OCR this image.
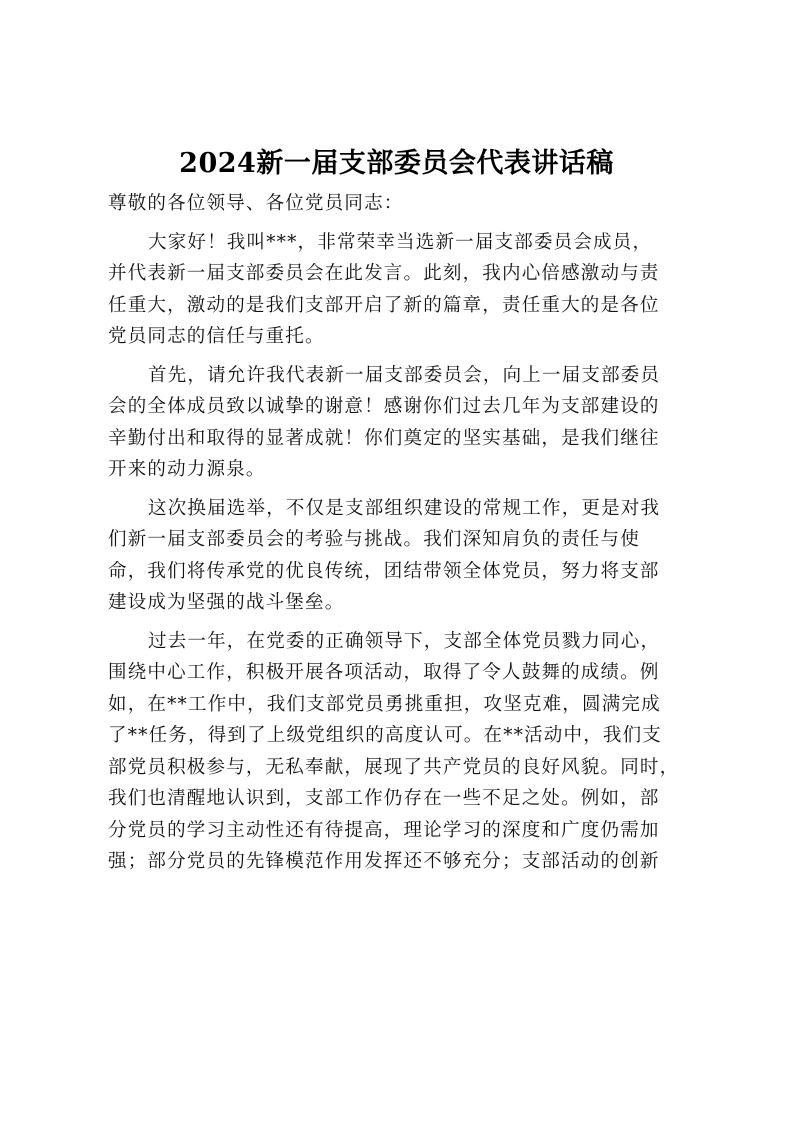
2024新一届支部委员会代表讲话稿
尊敬的各位领导、各位党员同志：
大家好！我叫***，非常荣幸当选新一届支部委员会成员，
并代表新一届支部委员会在此发言。此刻，我内心倍感激动与责
任重大，激动的是我们支部开启了新的篇章，责任重大的是各位
党员同志的信任与重托。
首先，请允许我代表新一届支部委员会，向上一届支部委员
会的全体成员致以诚挚的谢意！感谢你们过去几年为支部建设的
辛勤付出和取得的显著成就！你们奠定的坚实基础，是我们继往
开来的动力源泉。
这次换届选举，不仅是支部组织建设的常规工作，更是对我
们新一届支部委员会的考验与挑战。我们深知肩负的责任与使
命，我们将传承党的优良传统，团结带领全体党员，努力将支部
建设成为坚强的战斗堡垒。
过去一年，在党委的正确领导下，支部全体党员戮力同心，
围绕中心工作，积极开展各项活动，取得了令人鼓舞的成绩。例
如，在**工作中，我们支部党员勇挑重担，攻坚克难，圆满完成
了**任务，得到了上级党组织的高度认可。在**活动中，我们支
部党员积极参与，无私奉献，展现了共产党员的良好风貌。同时，
我们也清醒地认识到，支部工作仍存在一些不足之处。例如，部
分党员的学习主动性还有待提高，理论学习的深度和广度仍需加
强；部分党员的先锋模范作用发挥还不够充分；支部活动的创新
